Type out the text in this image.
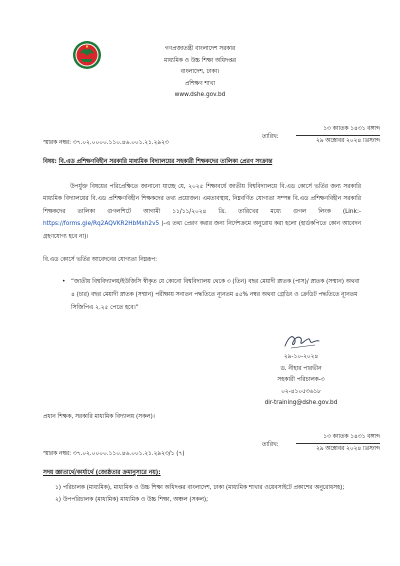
গণপ্রজাতন্ত্রী বাংলাদেশ সরকার
মাধ্যমিক ও উচ্চ শিক্ষা অধিদপ্তর
বাংলাদেশ, ঢাকা।
প্রশিক্ষণ শাখা
www.dshe.gov.bd
তারিখ:
১৩ কার্তিক ১৪৩১ বঙ্গাব্দ
২৯ অক্টোবর ২০২৪ খ্রিস্টাব্দ
স্মারক নম্বর: ৩৭.০২.০০০০.১১০.৪৬.০০১.২১.২৯২৩
বিষয়: বি.এড প্রশিক্ষণবিহীন সরকারি মাধ্যমিক বিদ্যালয়ের সহকারী শিক্ষকদের তালিকা প্রেরণ সংক্রান্ত

উপর্যুক্ত বিষয়ের পরিপ্রেক্ষিতে জানানো যাচ্ছে যে, ২০২৫ শিক্ষাবর্ষে জাতীয় বিশ্ববিদ্যালয়ে বি.এড কোর্সে ভর্তির জন্য সরকারি মাধ্যমিক বিদ্যালয়ের বি.এড প্রশিক্ষণবিহীন শিক্ষকদের তথ্য প্রয়োজন। এমতাবস্থায়, নিম্নবর্ণিত যোগ্যতা সম্পন্ন বি.এড প্রশিক্ষণবিহীন সরকারি শিক্ষকদের তালিকা গুগলশিটে আগামী ১১/১১/২০২৪ খ্রি. তারিখের মধ্যে গুগল লিংক (Link:- https://forms.gle/Rq2AQVKR2HbMxh2v5 )-এ তথ্য প্রেরণ করার জন্য নির্দেশক্রমে অনুরোধ করা হলো (হার্ডকপিতে কোন আবেদন গ্রহণযোগ্য হবে না)।

বি.এড কোর্সে ভর্তির আবেদনের যোগ্যতা নিম্নরূপ:
• “জাতীয় বিশ্ববিদ্যালয়/ইউজিসি স্বীকৃত যে কোনো বিশ্ববিদ্যালয় থেকে ৩ (তিন) বছর মেয়াদী স্নাতক (পাস)/ স্নাতক (সম্মান) অথবা ৪ (চার) বছর মেয়াদী স্নাতক (সম্মান) পরীক্ষায় সনাতন পদ্ধতিতে ন্যূনতম ৪৫% নম্বর অথবা গ্রেডিং ও ক্রেডিট পদ্ধতিতে ন্যূনতম সিজিপিএ ২.২৫ পেতে হবে।”
২৯-১০-২০২৪
ড. নীহার পারভীন
সহকারী পরিচালক-৩
০২-৪১০৫৩৬১৮
dir-training@dshe.gov.bd
প্রধান শিক্ষক, সরকারি মাধ্যমিক বিদ্যালয় (সকল)।
তারিখ:
১৩ কার্তিক ১৪৩১ বঙ্গাব্দ
২৯ অক্টোবর ২০২৪ খ্রিস্টাব্দ
স্মারক নম্বর: ৩৭.০২.০০০০.১১০.৪৬.০০১.২১.২৯২৩/১ (৭)
সদয় জ্ঞাতার্থে/কার্যার্থে (জ্যেষ্ঠতার ক্রমানুসারে নয়):
১) পরিচালক (মাধ্যমিক), মাধ্যমিক ও উচ্চ শিক্ষা অধিদপ্তর বাংলাদেশ, ঢাকা (মাধ্যমিক শাখার ওয়েবসাইটে প্রকাশের অনুরোধসহ);
২) উপপরিচালক (মাধ্যমিক) মাধ্যমিক ও উচ্চ শিক্ষা, অঞ্চল (সকল);
